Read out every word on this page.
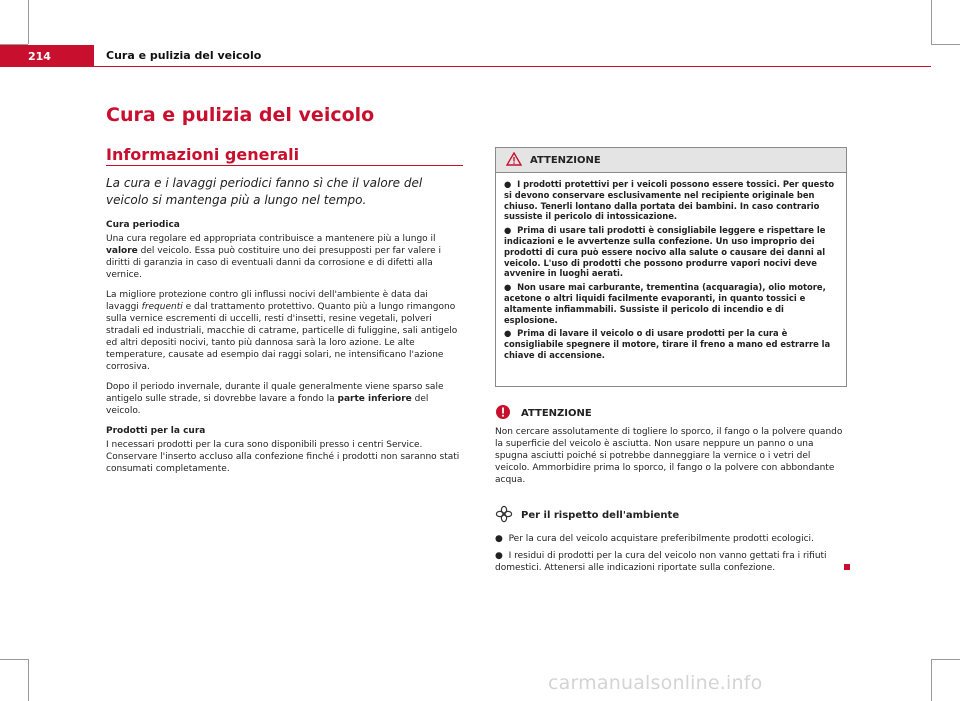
214	Cura e pulizia del veicolo
Cura e pulizia del veicolo
Informazioni generali

La cura e i lavaggi periodici fanno sì che il valore del veicolo si mantenga più a lungo nel tempo.

Cura periodica

Una cura regolare ed appropriata contribuisce a mantenere più a lungo il valore del veicolo. Essa può costituire uno dei presupposti per far valere i diritti di garanzia in caso di eventuali danni da corrosione e di difetti alla vernice.

La migliore protezione contro gli influssi nocivi dell'ambiente è data dai lavaggi frequenti e dal trattamento protettivo. Quanto più a lungo rimangono sulla vernice escrementi di uccelli, resti d'insetti, resine vegetali, polveri stradali ed industriali, macchie di catrame, particelle di fuliggine, sali antigelo ed altri depositi nocivi, tanto più dannosa sarà la loro azione. Le alte temperature, causate ad esempio dai raggi solari, ne intensificano l'azione corrosiva.

Dopo il periodo invernale, durante il quale generalmente viene sparso sale antigelo sulle strade, si dovrebbe lavare a fondo la parte inferiore del veicolo.

Prodotti per la cura

I necessari prodotti per la cura sono disponibili presso i centri Service. Conservare l'inserto accluso alla confezione finché i prodotti non saranno stati consumati completamente.

ATTENZIONE
●  I prodotti protettivi per i veicoli possono essere tossici. Per questo si devono conservare esclusivamente nel recipiente originale ben chiuso. Tenerli lontano dalla portata dei bambini. In caso contrario sussiste il pericolo di intossicazione.
●  Prima di usare tali prodotti è consigliabile leggere e rispettare le indicazioni e le avvertenze sulla confezione. Un uso improprio dei prodotti di cura può essere nocivo alla salute o causare dei danni al veicolo. L'uso di prodotti che possono produrre vapori nocivi deve avvenire in luoghi aerati.
●  Non usare mai carburante, trementina (acquaragia), olio motore, acetone o altri liquidi facilmente evaporanti, in quanto tossici e altamente infiammabili. Sussiste il pericolo di incendio e di esplosione.
●  Prima di lavare il veicolo o di usare prodotti per la cura è consigliabile spegnere il motore, tirare il freno a mano ed estrarre la chiave di accensione.
ATTENZIONE
Non cercare assolutamente di togliere lo sporco, il fango o la polvere quando la superficie del veicolo è asciutta. Non usare neppure un panno o una spugna asciutti poiché si potrebbe danneggiare la vernice o i vetri del veicolo. Ammorbidire prima lo sporco, il fango o la polvere con abbondante acqua.
Per il rispetto dell'ambiente
●  Per la cura del veicolo acquistare preferibilmente prodotti ecologici.
●  I residui di prodotti per la cura del veicolo non vanno gettati fra i rifiuti domestici. Attenersi alle indicazioni riportate sulla confezione.
carmanualsonline.info
